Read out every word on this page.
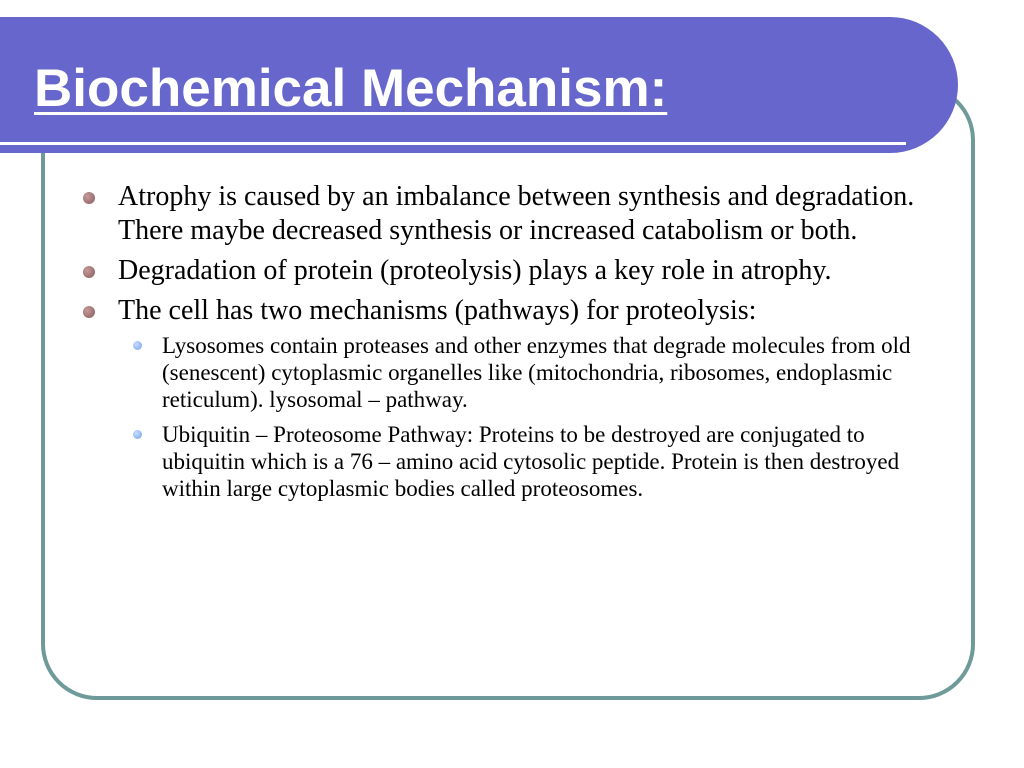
Biochemical Mechanism:
Atrophy is caused by an imbalance between synthesis and degradation. There maybe decreased synthesis or increased catabolism or both.
Degradation of protein (proteolysis) plays a key role in atrophy.
The cell has two mechanisms (pathways) for proteolysis:
Lysosomes contain proteases and other enzymes that degrade molecules from old (senescent) cytoplasmic organelles like (mitochondria, ribosomes, endoplasmic reticulum). lysosomal – pathway.
Ubiquitin – Proteosome Pathway: Proteins to be destroyed are conjugated to ubiquitin which is a 76 – amino acid cytosolic peptide. Protein is then destroyed within large cytoplasmic bodies called proteosomes.
